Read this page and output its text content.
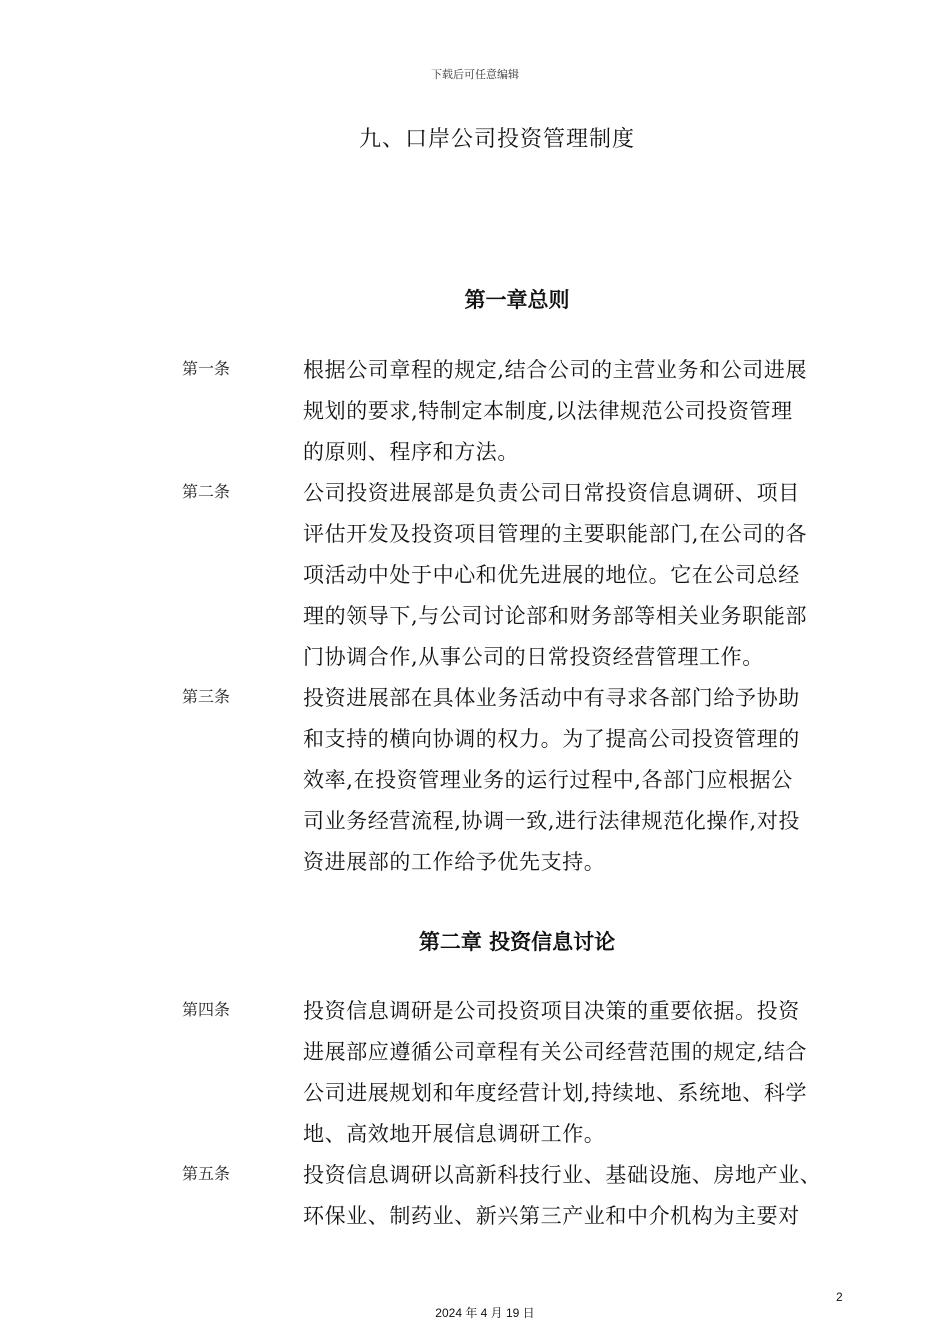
下载后可任意编辑
九、口岸公司投资管理制度
第一章总则
第一条	根据公司章程的规定,结合公司的主营业务和公司进展
规划的要求,特制定本制度,以法律规范公司投资管理
的原则、程序和方法。
第二条	公司投资进展部是负责公司日常投资信息调研、项目
评估开发及投资项目管理的主要职能部门,在公司的各
项活动中处于中心和优先进展的地位。它在公司总经
理的领导下,与公司讨论部和财务部等相关业务职能部
门协调合作,从事公司的日常投资经营管理工作。
第三条	投资进展部在具体业务活动中有寻求各部门给予协助
和支持的横向协调的权力。为了提高公司投资管理的
效率,在投资管理业务的运行过程中,各部门应根据公
司业务经营流程,协调一致,进行法律规范化操作,对投
资进展部的工作给予优先支持。
第二章 投资信息讨论
第四条	投资信息调研是公司投资项目决策的重要依据。投资
进展部应遵循公司章程有关公司经营范围的规定,结合
公司进展规划和年度经营计划,持续地、系统地、科学
地、高效地开展信息调研工作。
第五条	投资信息调研以高新科技行业、基础设施、房地产业、
环保业、制药业、新兴第三产业和中介机构为主要对
2
2024 年 4 月 19 日
